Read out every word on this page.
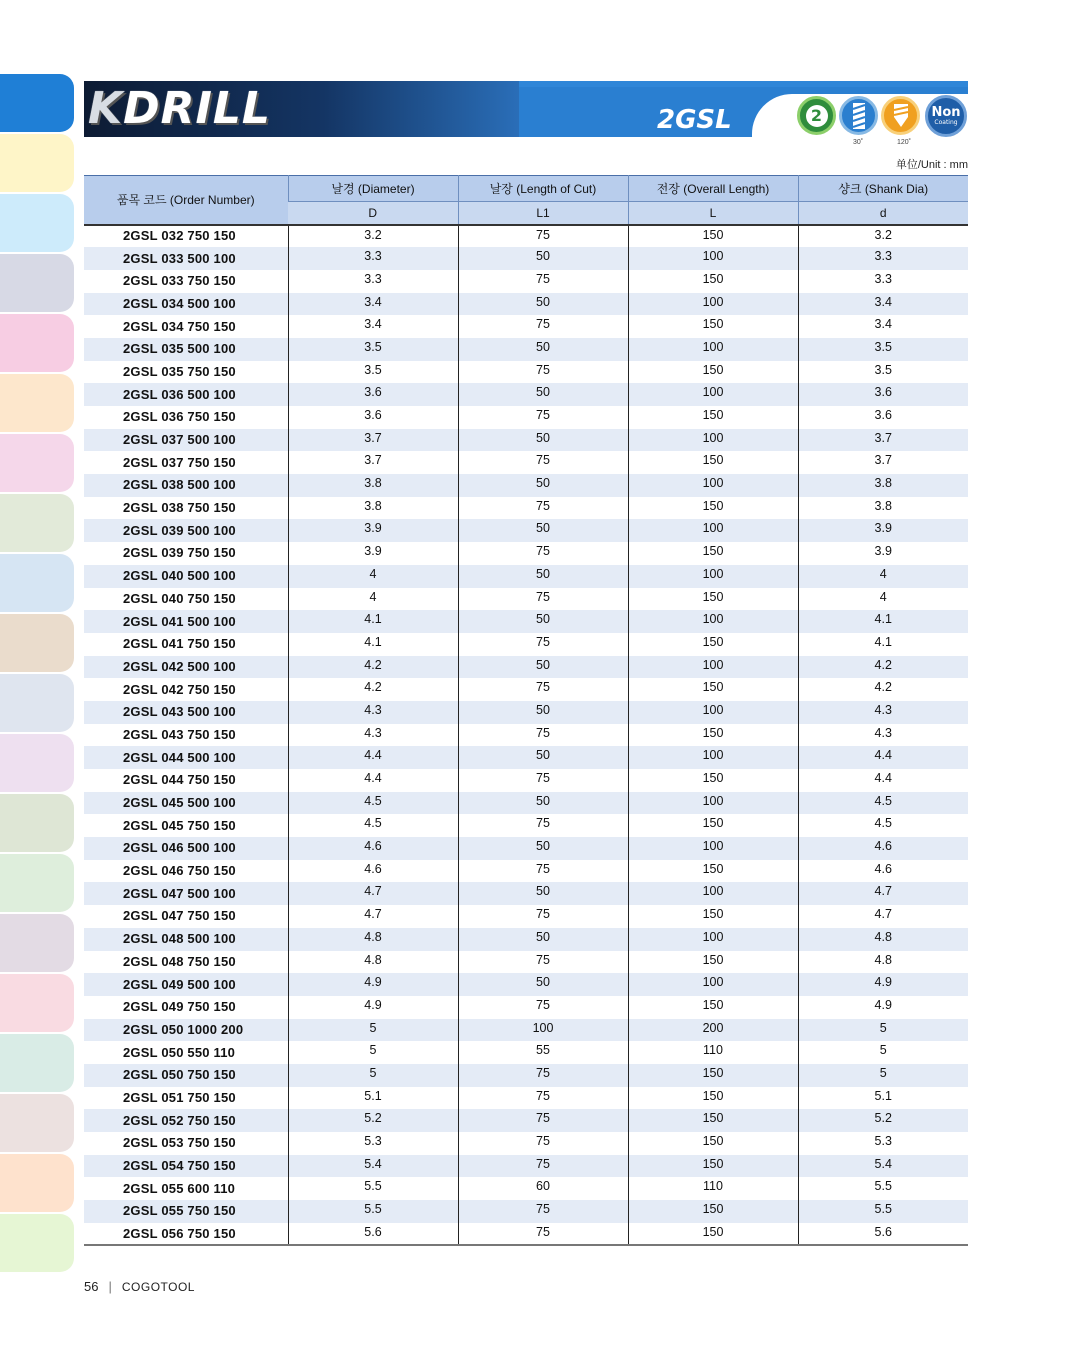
KDRILL	2GSL	2	Non
Coating
30˚	120˚
单位/Unit : mm
품목 코드 (Order Number)	날경 (Diameter)	날장 (Length of Cut)	전장 (Overall Length)	샹크 (Shank Dia)
	D	L1	L	d
2GSL 032 750 150	3.2	75	150	3.2
2GSL 033 500 100	3.3	50	100	3.3
2GSL 033 750 150	3.3	75	150	3.3
2GSL 034 500 100	3.4	50	100	3.4
2GSL 034 750 150	3.4	75	150	3.4
2GSL 035 500 100	3.5	50	100	3.5
2GSL 035 750 150	3.5	75	150	3.5
2GSL 036 500 100	3.6	50	100	3.6
2GSL 036 750 150	3.6	75	150	3.6
2GSL 037 500 100	3.7	50	100	3.7
2GSL 037 750 150	3.7	75	150	3.7
2GSL 038 500 100	3.8	50	100	3.8
2GSL 038 750 150	3.8	75	150	3.8
2GSL 039 500 100	3.9	50	100	3.9
2GSL 039 750 150	3.9	75	150	3.9
2GSL 040 500 100	4	50	100	4
2GSL 040 750 150	4	75	150	4
2GSL 041 500 100	4.1	50	100	4.1
2GSL 041 750 150	4.1	75	150	4.1
2GSL 042 500 100	4.2	50	100	4.2
2GSL 042 750 150	4.2	75	150	4.2
2GSL 043 500 100	4.3	50	100	4.3
2GSL 043 750 150	4.3	75	150	4.3
2GSL 044 500 100	4.4	50	100	4.4
2GSL 044 750 150	4.4	75	150	4.4
2GSL 045 500 100	4.5	50	100	4.5
2GSL 045 750 150	4.5	75	150	4.5
2GSL 046 500 100	4.6	50	100	4.6
2GSL 046 750 150	4.6	75	150	4.6
2GSL 047 500 100	4.7	50	100	4.7
2GSL 047 750 150	4.7	75	150	4.7
2GSL 048 500 100	4.8	50	100	4.8
2GSL 048 750 150	4.8	75	150	4.8
2GSL 049 500 100	4.9	50	100	4.9
2GSL 049 750 150	4.9	75	150	4.9
2GSL 050 1000 200	5	100	200	5
2GSL 050 550 110	5	55	110	5
2GSL 050 750 150	5	75	150	5
2GSL 051 750 150	5.1	75	150	5.1
2GSL 052 750 150	5.2	75	150	5.2
2GSL 053 750 150	5.3	75	150	5.3
2GSL 054 750 150	5.4	75	150	5.4
2GSL 055 600 110	5.5	60	110	5.5
2GSL 055 750 150	5.5	75	150	5.5
2GSL 056 750 150	5.6	75	150	5.6
56 | COGOTOOL
